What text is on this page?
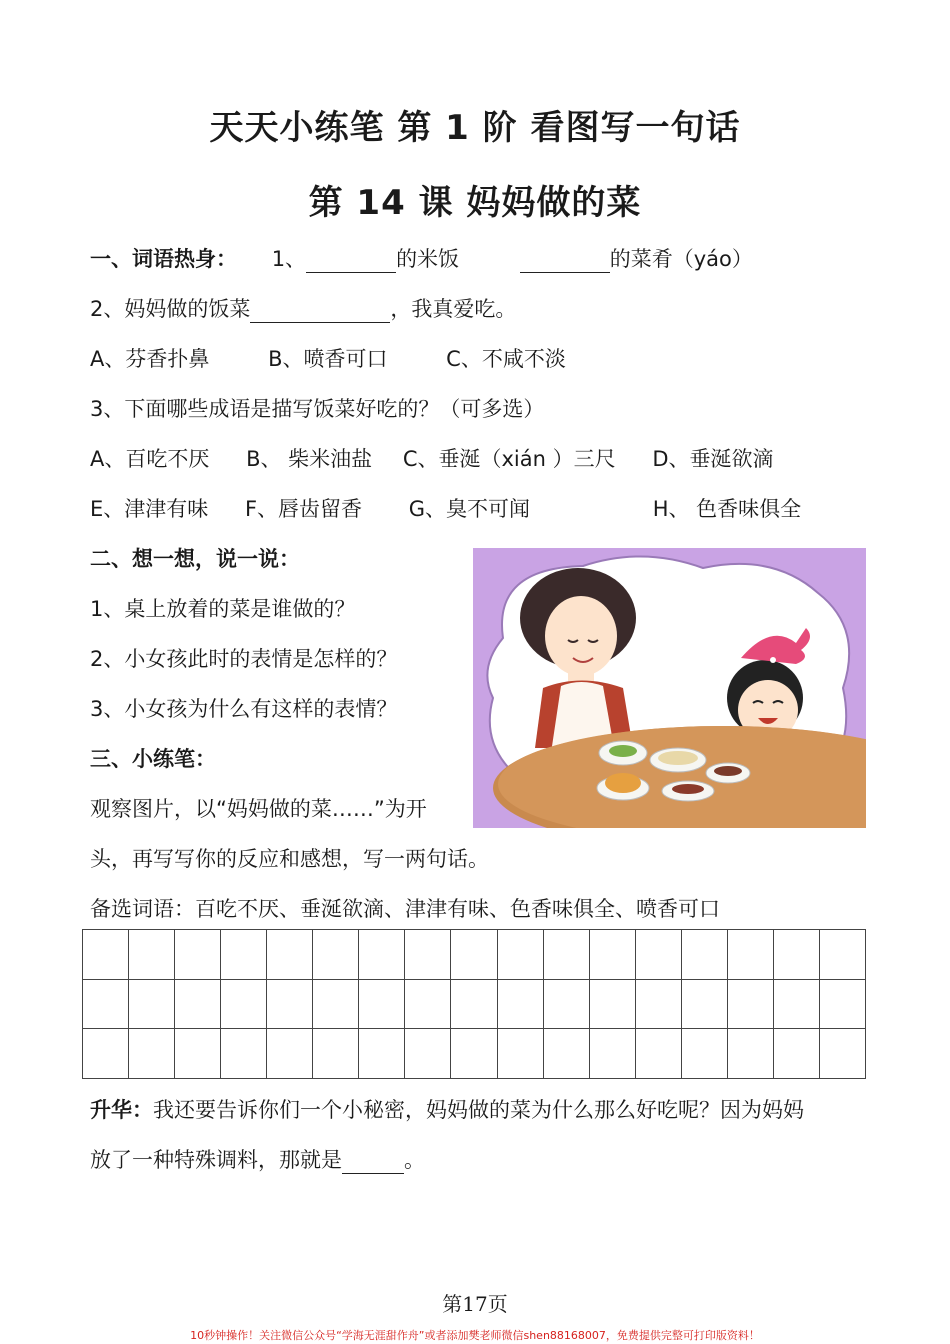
天天小练笔 第 1 阶 看图写一句话
第 14 课 妈妈做的菜
一、词语热身： 1、	的米饭	的菜肴（yáo）
2、妈妈做的饭菜	，我真爱吃。
A、芬香扑鼻	B、喷香可口	C、不咸不淡
3、下面哪些成语是描写饭菜好吃的？（可多选）
A、百吃不厌 B、 柴米油盐 C、垂涎（xián ）三尺 D、垂涎欲滴
E、津津有味 F、唇齿留香 G、臭不可闻	H、 色香味俱全
二、想一想，说一说：
1、桌上放着的菜是谁做的？
2、小女孩此时的表情是怎样的？
3、小女孩为什么有这样的表情？
三、小练笔：
观察图片，以“妈妈做的菜……”为开
头，再写写你的反应和感想，写一两句话。
备选词语：百吃不厌、垂涎欲滴、津津有味、色香味俱全、喷香可口
升华：我还要告诉你们一个小秘密，妈妈做的菜为什么那么好吃呢？因为妈妈
放了一种特殊调料，那就是	。
第17页
10秒钟操作！关注微信公众号“学海无涯甜作舟”或者添加樊老师微信shen88168007，免费提供完整可打印版资料！
